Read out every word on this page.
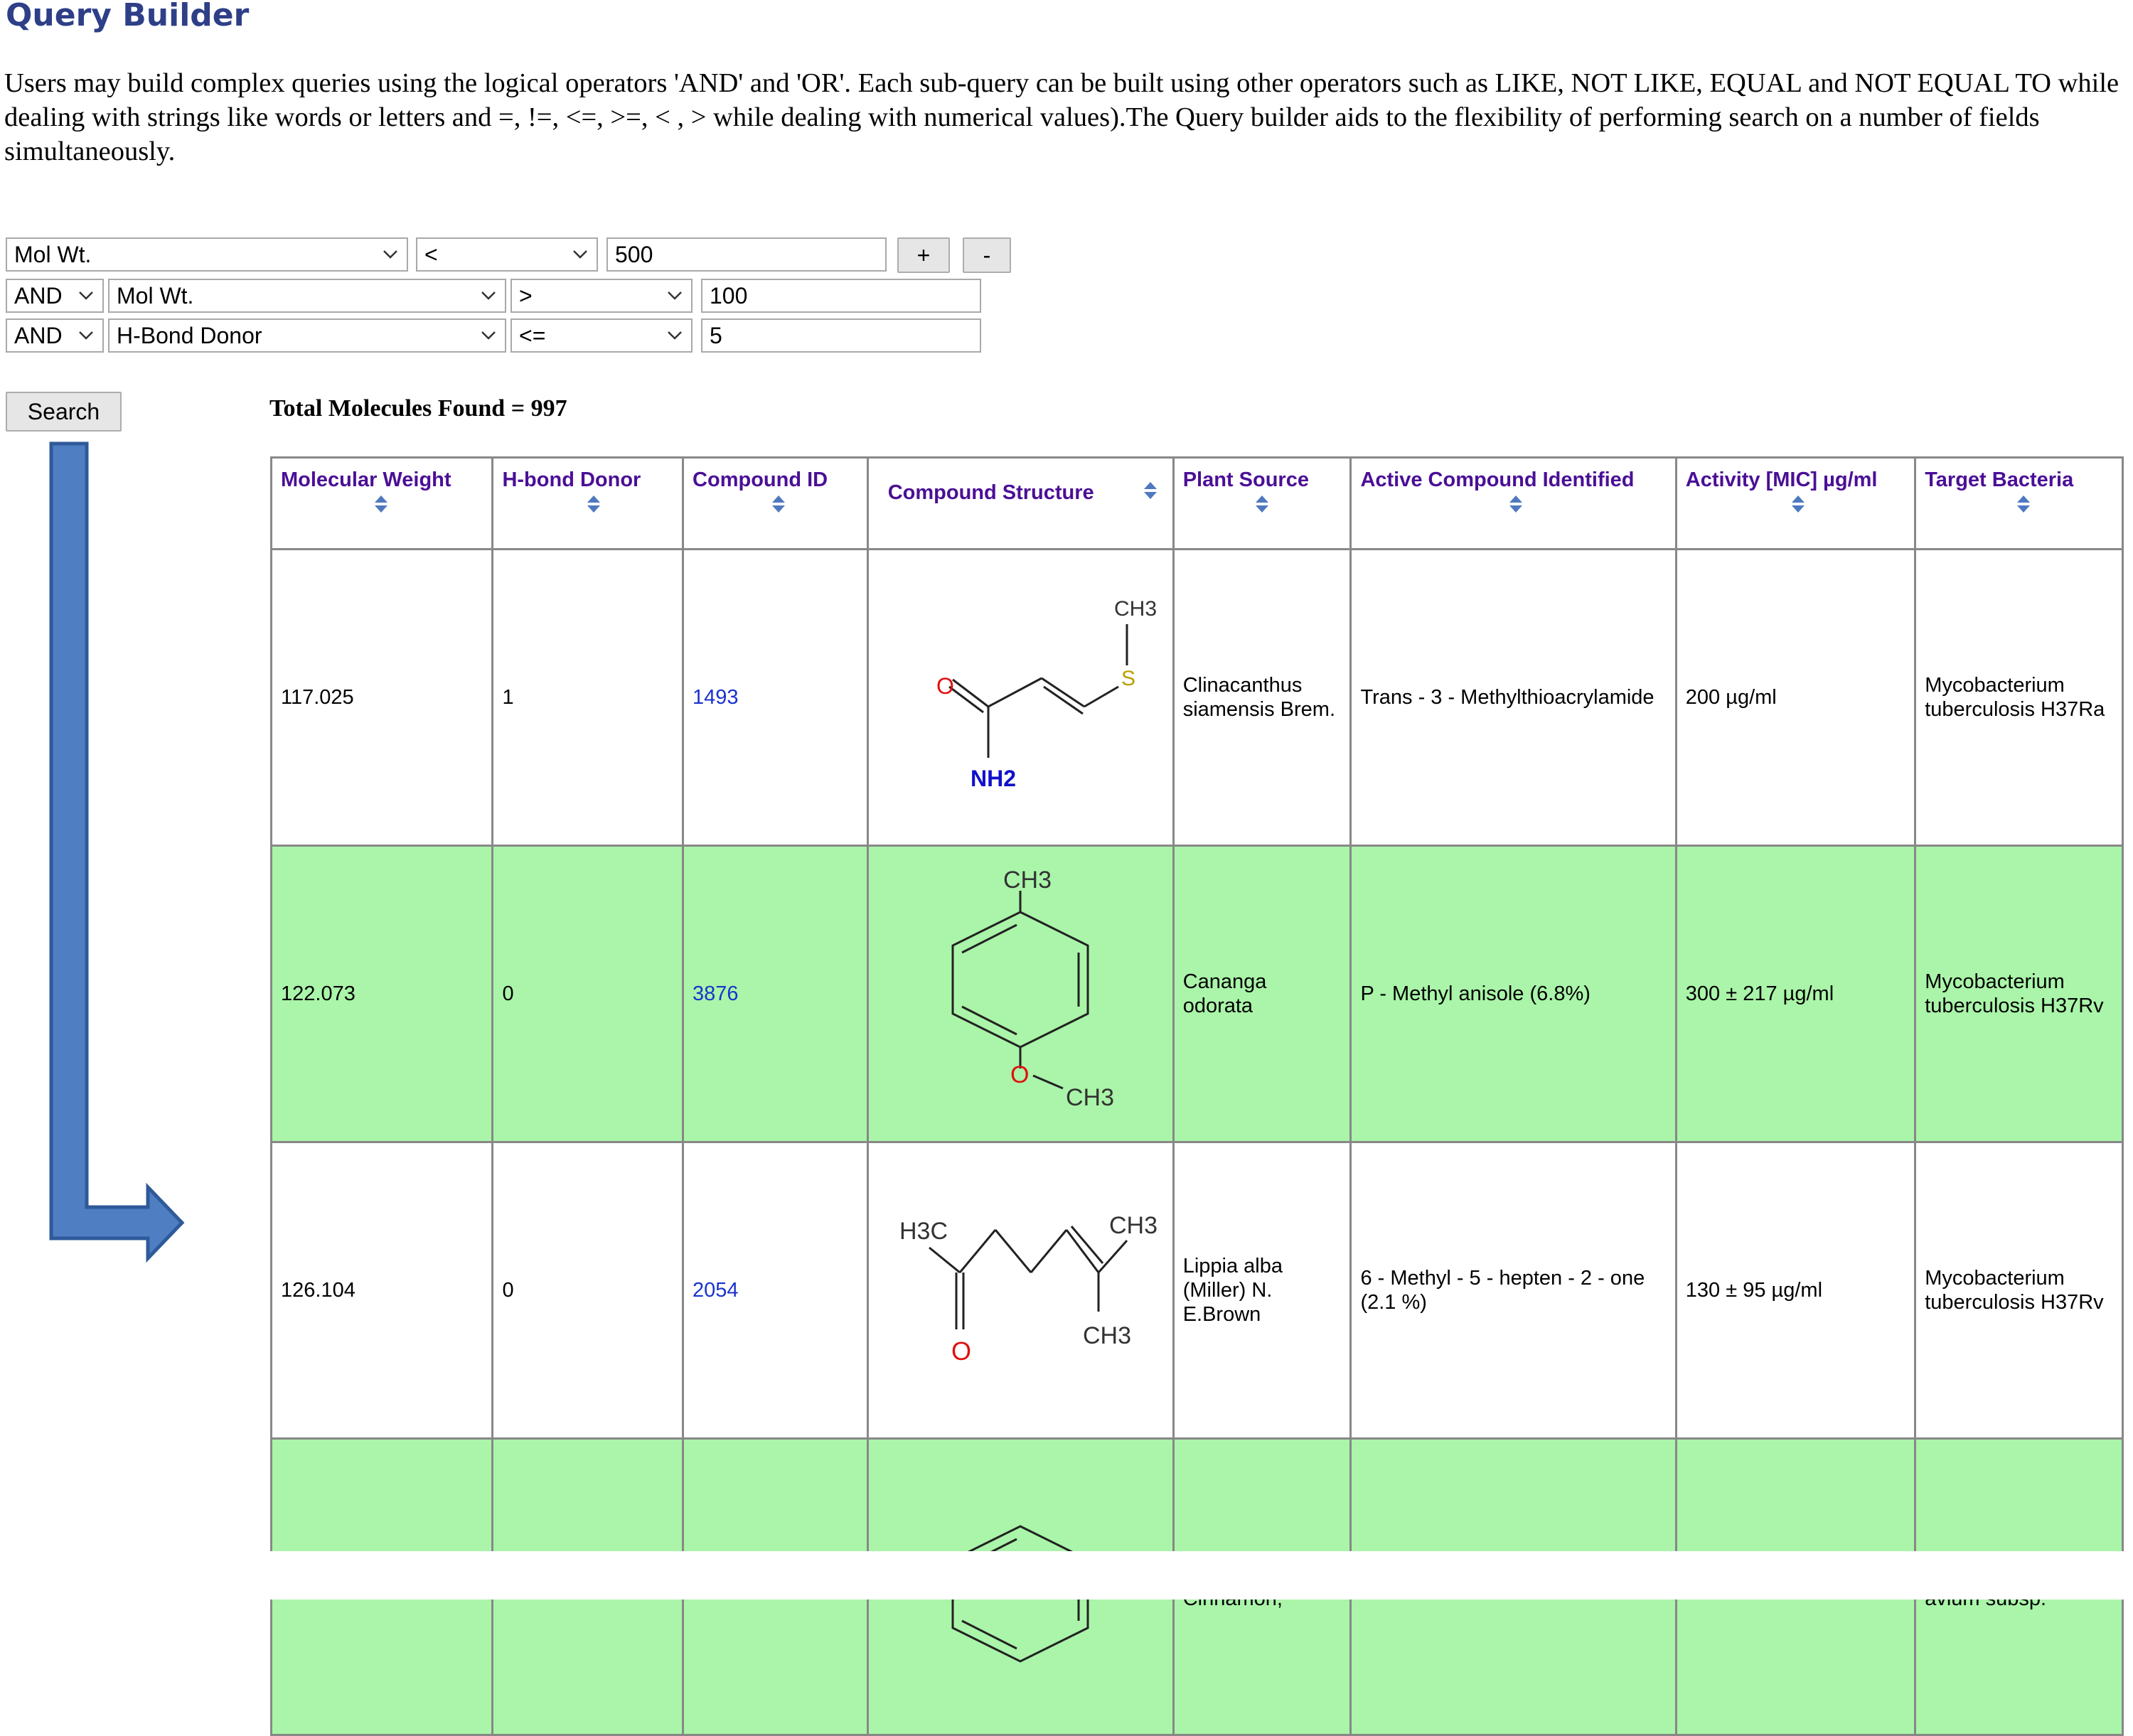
Query Builder
Users may build complex queries using the logical operators 'AND' and 'OR'. Each sub-query can be built using other operators such as LIKE, NOT LIKE, EQUAL and NOT EQUAL TO while dealing with strings like words or letters and =, !=, <=, >=, < , > while dealing with numerical values).The Query builder aids to the flexibility of performing search on a number of fields simultaneously.
Mol Wt.	<	500	+	-
AND	Mol Wt.	>	100
AND	H-Bond Donor	<=	5
Search	Total Molecules Found = 997
Molecular Weight	H-bond Donor	Compound ID	Compound Structure	Plant Source	Active Compound Identified	Activity [MIC] µg/ml	Target Bacteria

117.025	1	1493	O S
CH3
NH2	Clinacanthus siamensis Brem.	Trans - 3 - Methylthioacrylamide	200 µg/ml	Mycobacterium tuberculosis H37Ra
122.073	0	3876	CH3
O
CH3	Cananga odorata	P - Methyl anisole (6.8%)	300 ± 217 µg/ml	Mycobacterium tuberculosis H37Rv
126.104	0	2054	H3C CH3
O
CH3	Lippia alba (Miller) N. E.Brown	6 - Methyl - 5 - hepten - 2 - one (2.1 %)	130 ± 95 µg/ml	Mycobacterium tuberculosis H37Rv
